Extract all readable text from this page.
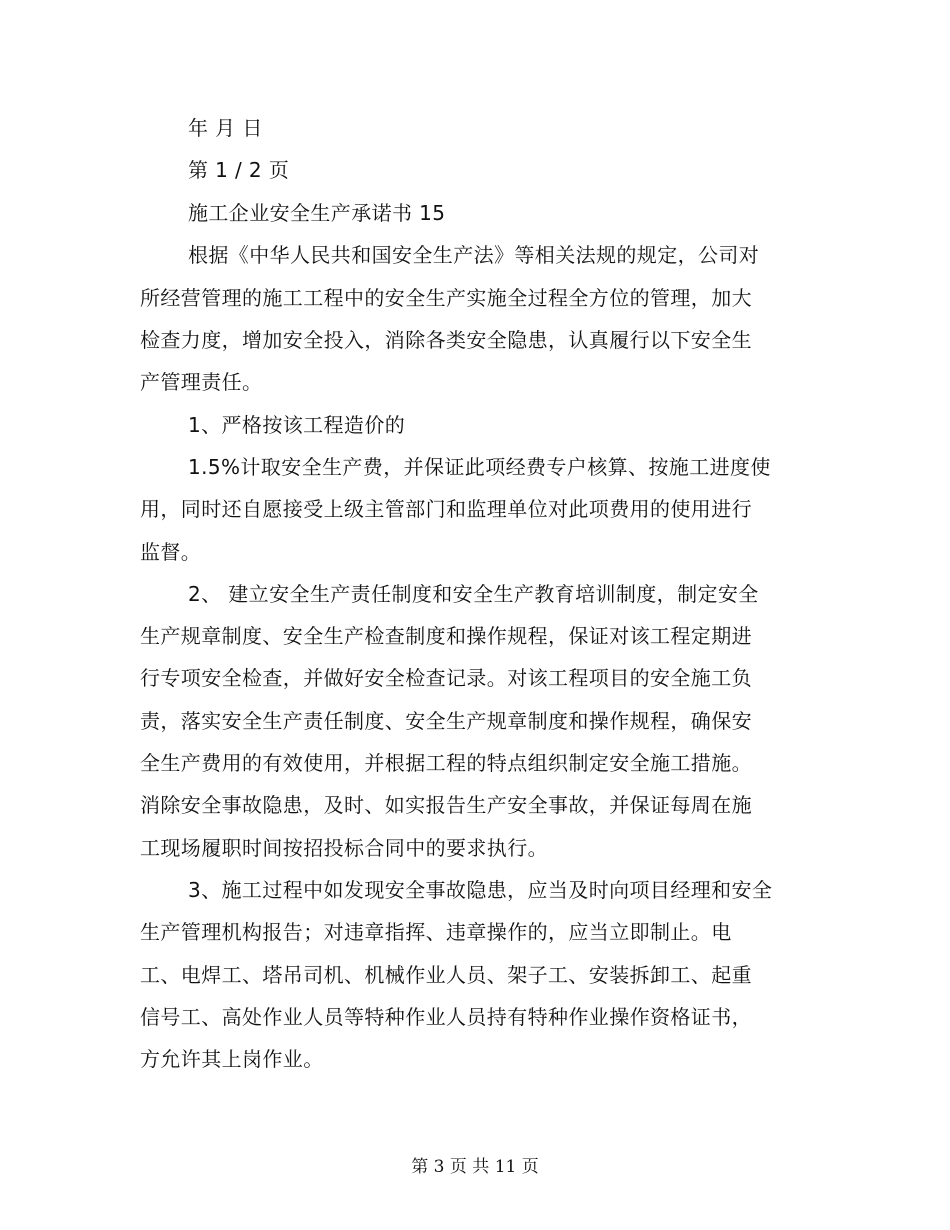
年 月 日
第 1 / 2 页
施工企业安全生产承诺书 15
根据《中华人民共和国安全生产法》等相关法规的规定，公司对
所经营管理的施工工程中的安全生产实施全过程全方位的管理，加大
检查力度，增加安全投入，消除各类安全隐患，认真履行以下安全生
产管理责任。
1、严格按该工程造价的
1.5%计取安全生产费，并保证此项经费专户核算、按施工进度使
用，同时还自愿接受上级主管部门和监理单位对此项费用的使用进行
监督。
2、 建立安全生产责任制度和安全生产教育培训制度，制定安全
生产规章制度、安全生产检查制度和操作规程，保证对该工程定期进
行专项安全检查，并做好安全检查记录。对该工程项目的安全施工负
责，落实安全生产责任制度、安全生产规章制度和操作规程，确保安
全生产费用的有效使用，并根据工程的特点组织制定安全施工措施。
消除安全事故隐患，及时、如实报告生产安全事故，并保证每周在施
工现场履职时间按招投标合同中的要求执行。
3、施工过程中如发现安全事故隐患，应当及时向项目经理和安全
生产管理机构报告；对违章指挥、违章操作的，应当立即制止。电
工、电焊工、塔吊司机、机械作业人员、架子工、安装拆卸工、起重
信号工、高处作业人员等特种作业人员持有特种作业操作资格证书，
方允许其上岗作业。
第 3 页 共 11 页
